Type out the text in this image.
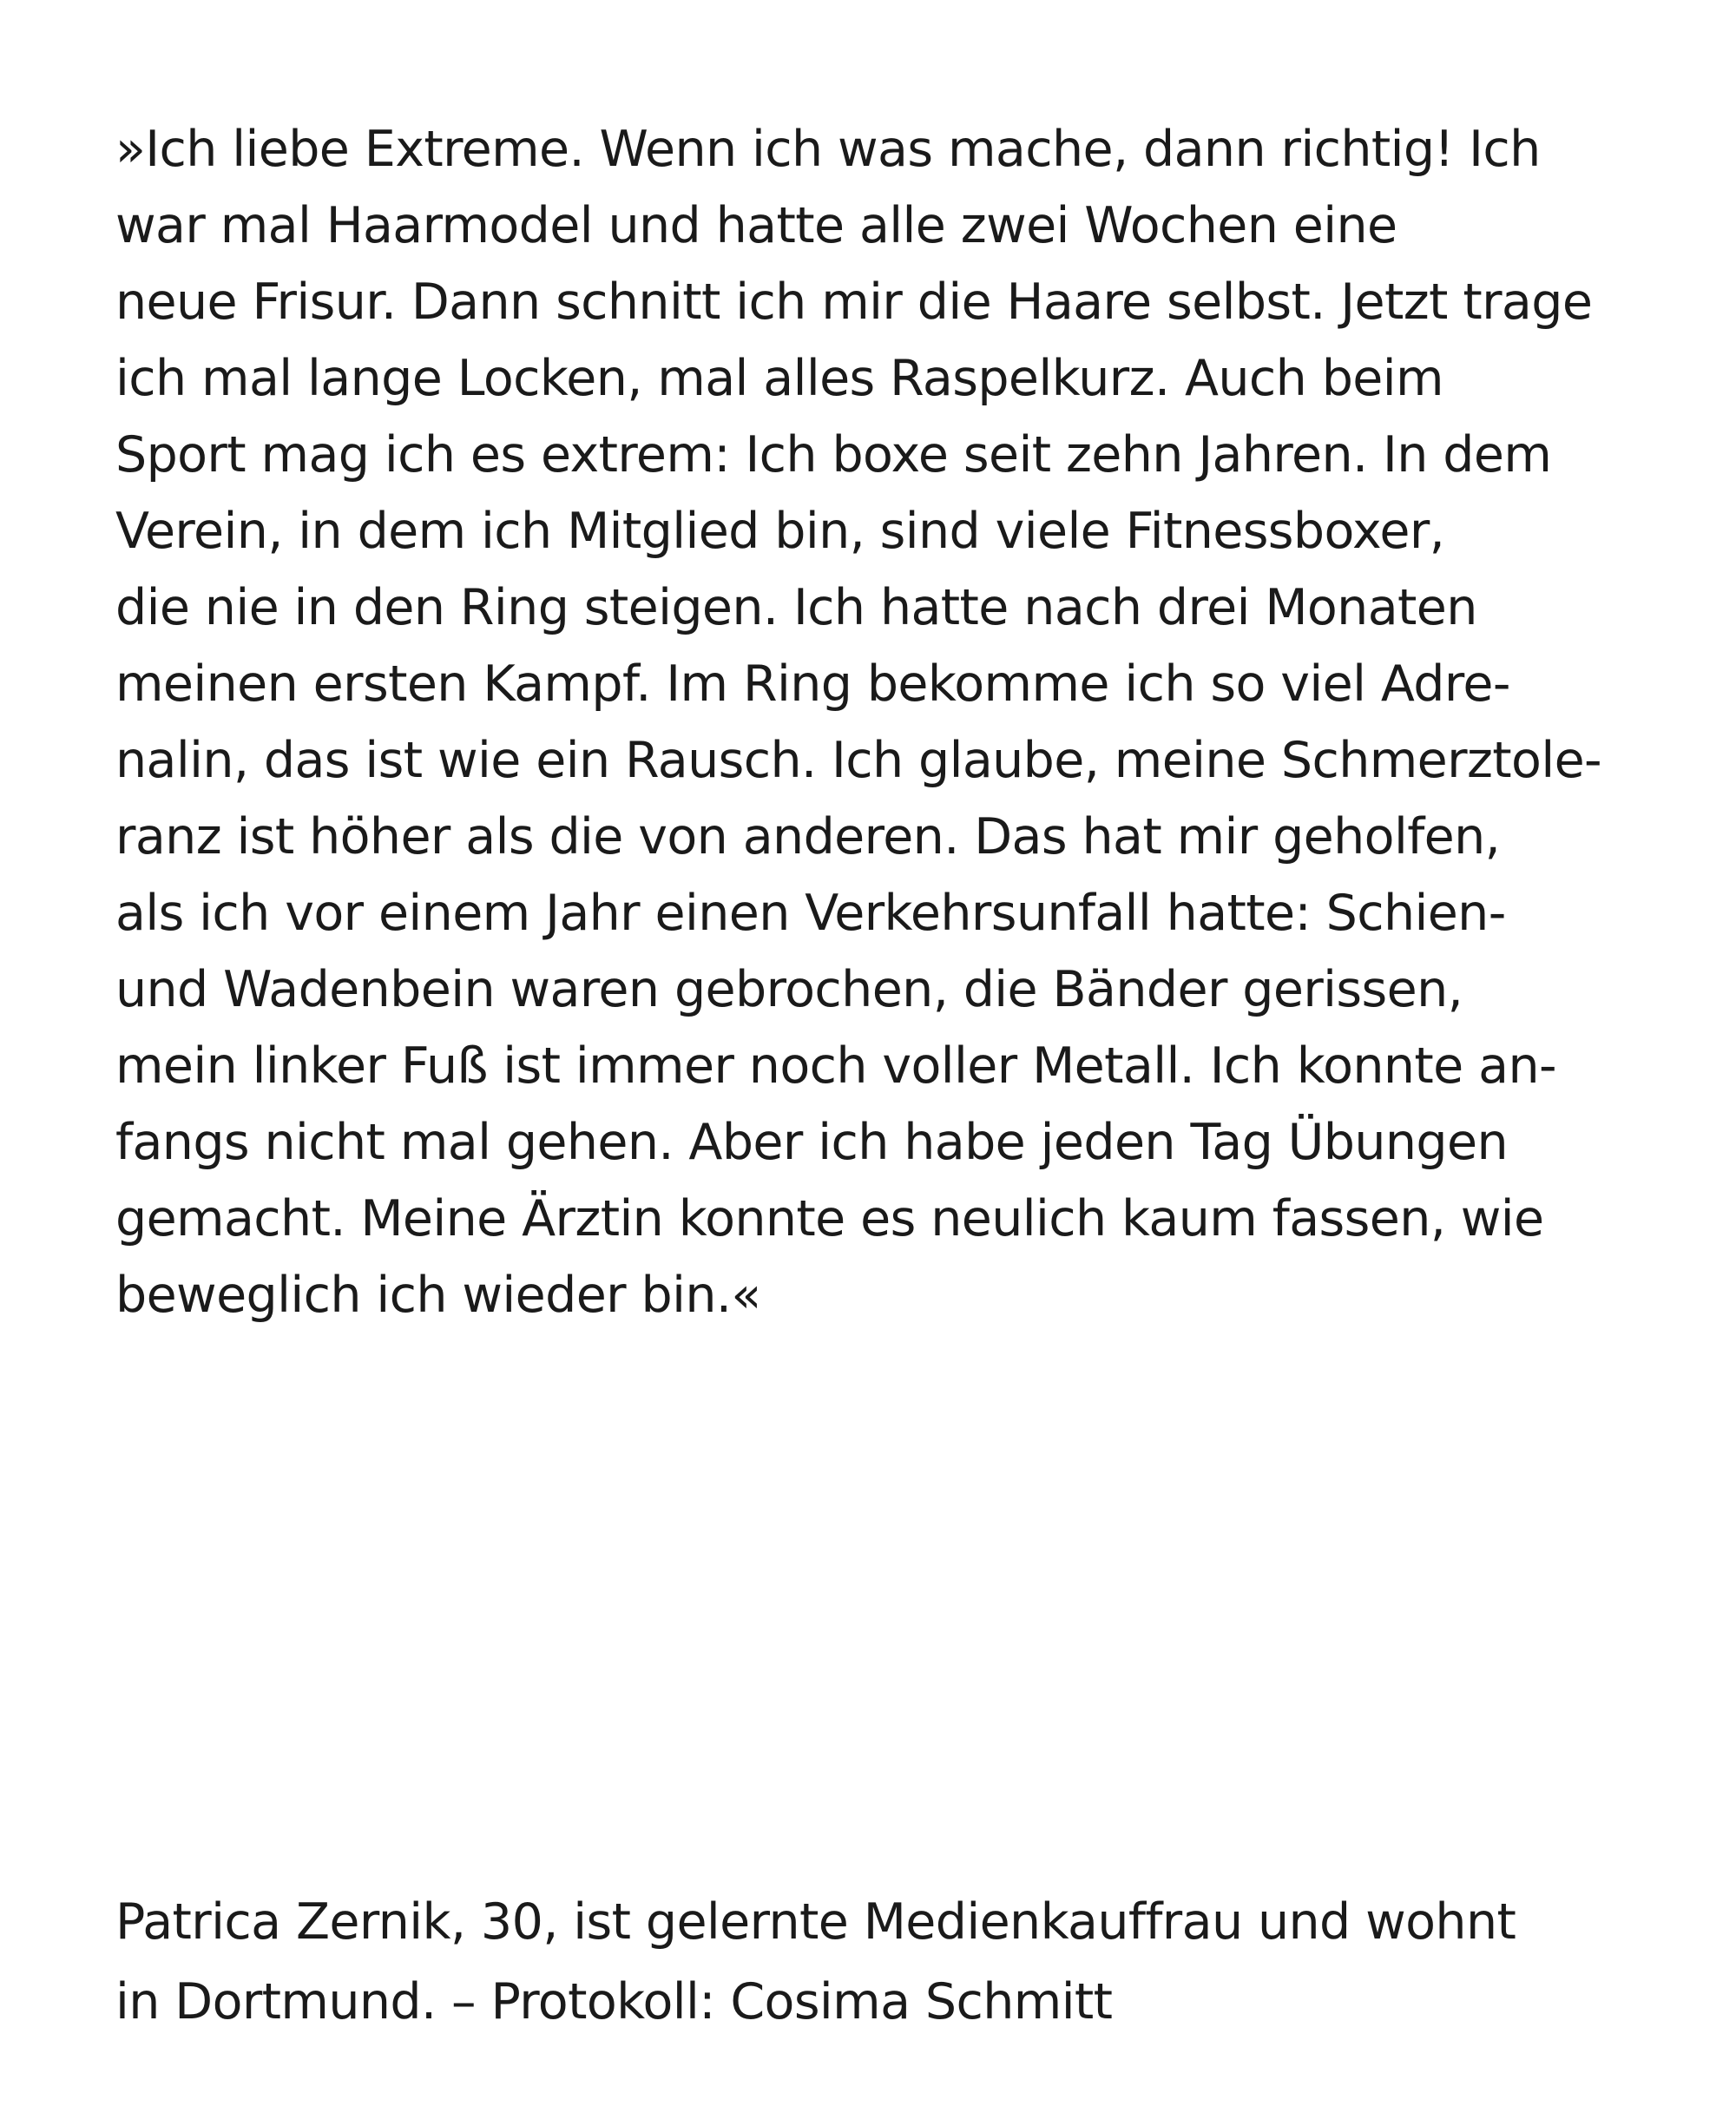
»Ich liebe Extreme. Wenn ich was mache, dann richtig! Ich
war mal Haarmodel und hatte alle zwei Wochen eine
neue Frisur. Dann schnitt ich mir die Haare selbst. Jetzt trage
ich mal lange Locken, mal alles Raspelkurz. Auch beim
Sport mag ich es extrem: Ich boxe seit zehn Jahren. In dem
Verein, in dem ich Mitglied bin, sind viele Fitnessboxer,
die nie in den Ring steigen. Ich hatte nach drei Monaten
meinen ersten Kampf. Im Ring bekomme ich so viel Adre-
nalin, das ist wie ein Rausch. Ich glaube, meine Schmerztole-
ranz ist höher als die von anderen. Das hat mir geholfen,
als ich vor einem Jahr einen Verkehrsunfall hatte: Schien-
und Wadenbein waren gebrochen, die Bänder gerissen,
mein linker Fuß ist immer noch voller Metall. Ich konnte an-
fangs nicht mal gehen. Aber ich habe jeden Tag Übungen
gemacht. Meine Ärztin konnte es neulich kaum fassen, wie
beweglich ich wieder bin.«
Patrica Zernik, 30, ist gelernte Medienkauffrau und wohnt
in Dortmund. – Protokoll: Cosima Schmitt
